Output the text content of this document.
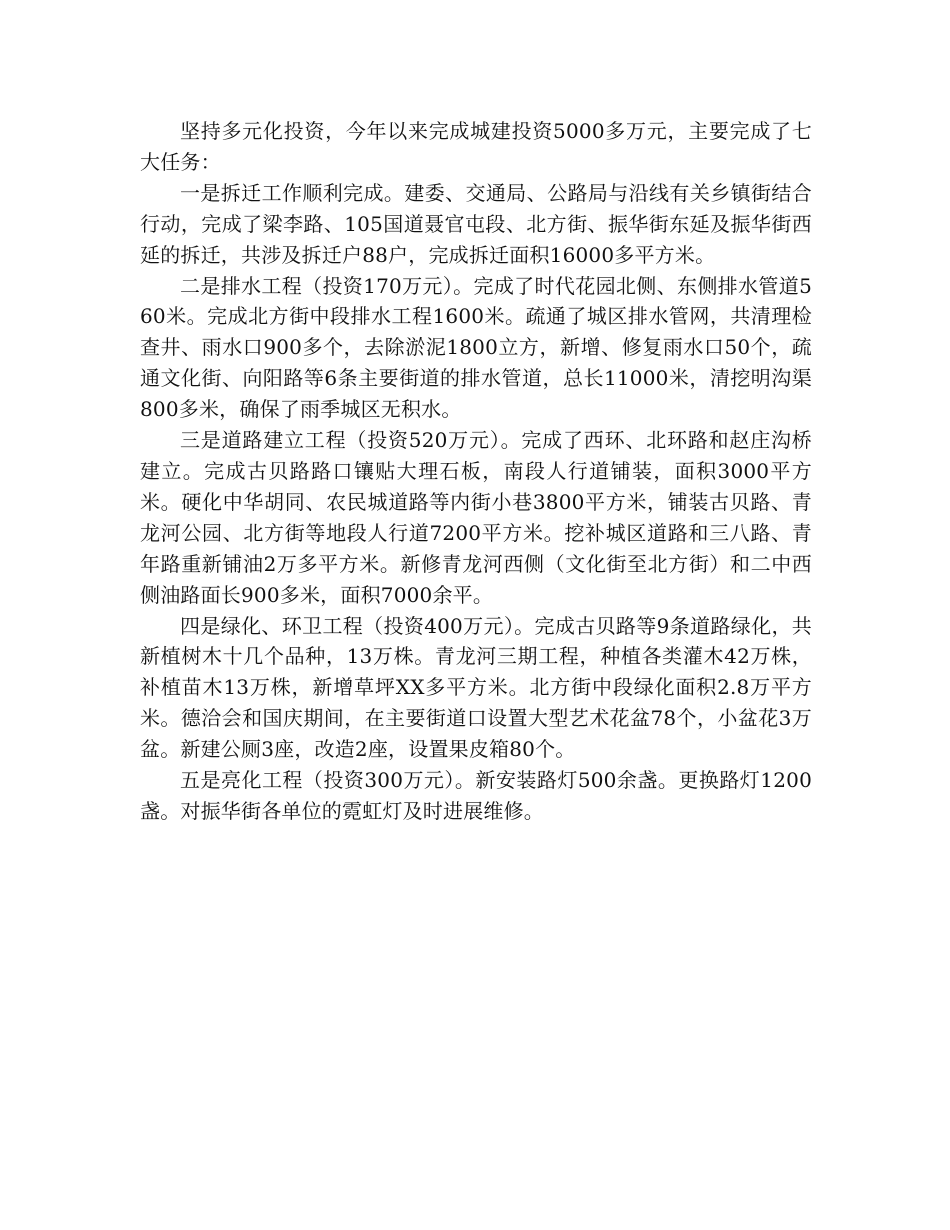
坚持多元化投资，今年以来完成城建投资5000多万元，主要完成了七大任务：

一是拆迁工作顺利完成。建委、交通局、公路局与沿线有关乡镇街结合行动，完成了梁李路、105国道聂官屯段、北方街、振华街东延及振华街西延的拆迁，共涉及拆迁户88户，完成拆迁面积16000多平方米。

二是排水工程（投资170万元）。完成了时代花园北侧、东侧排水管道560米。完成北方街中段排水工程1600米。疏通了城区排水管网，共清理检查井、雨水口900多个，去除淤泥1800立方，新增、修复雨水口50个，疏通文化街、向阳路等6条主要街道的排水管道，总长11000米，清挖明沟渠800多米，确保了雨季城区无积水。

三是道路建立工程（投资520万元）。完成了西环、北环路和赵庄沟桥建立。完成古贝路路口镶贴大理石板，南段人行道铺装，面积3000平方米。硬化中华胡同、农民城道路等内街小巷3800平方米，铺装古贝路、青龙河公园、北方街等地段人行道7200平方米。挖补城区道路和三八路、青年路重新铺油2万多平方米。新修青龙河西侧（文化街至北方街）和二中西侧油路面长900多米，面积7000余平。

四是绿化、环卫工程（投资400万元）。完成古贝路等9条道路绿化，共新植树木十几个品种，13万株。青龙河三期工程，种植各类灌木42万株，补植苗木13万株，新增草坪XX多平方米。北方街中段绿化面积2.8万平方米。德洽会和国庆期间，在主要街道口设置大型艺术花盆78个，小盆花3万盆。新建公厕3座，改造2座，设置果皮箱80个。

五是亮化工程（投资300万元）。新安装路灯500余盏。更换路灯1200盏。对振华街各单位的霓虹灯及时进展维修。
